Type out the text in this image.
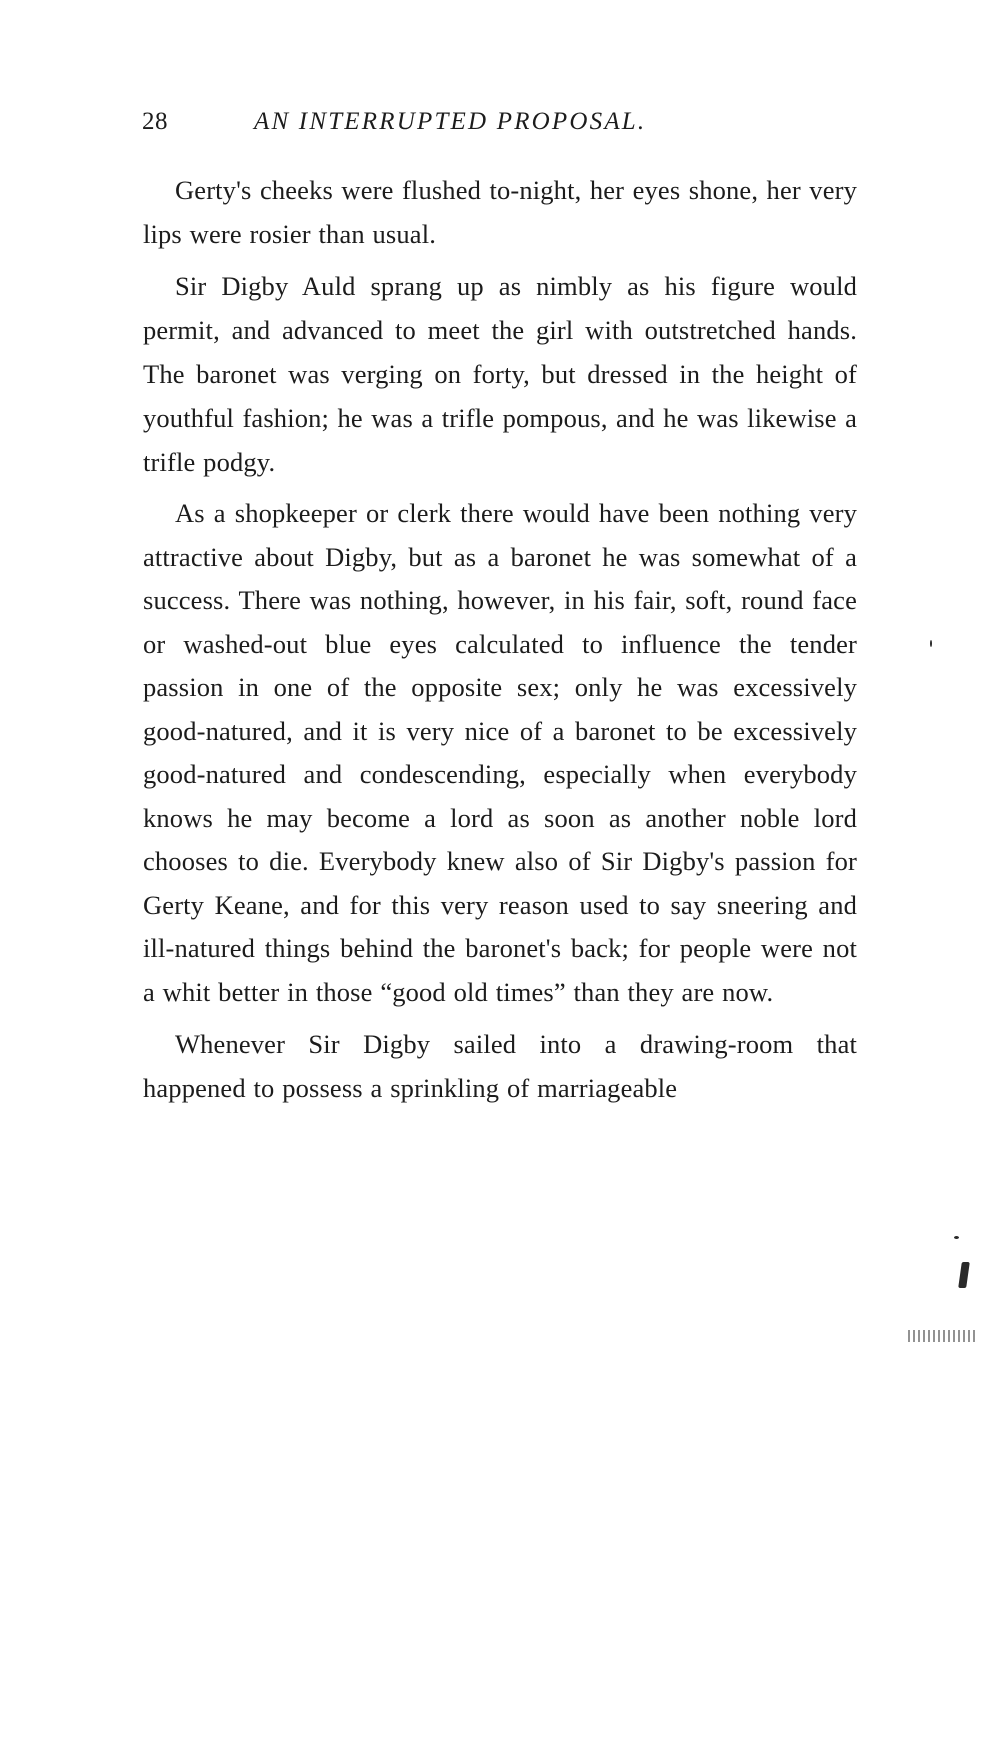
28	AN INTERRUPTED PROPOSAL.

Gerty's cheeks were flushed to-night, her eyes shone, her very lips were rosier than usual.

Sir Digby Auld sprang up as nimbly as his figure would permit, and advanced to meet the girl with outstretched hands. The baronet was verging on forty, but dressed in the height of youthful fashion; he was a trifle pompous, and he was likewise a trifle podgy.

As a shopkeeper or clerk there would have been nothing very attractive about Digby, but as a baronet he was somewhat of a success. There was nothing, however, in his fair, soft, round face or washed-out blue eyes calculated to influence the tender passion in one of the opposite sex; only he was excessively good-natured, and it is very nice of a baronet to be excessively good-natured and condescending, especially when everybody knows he may become a lord as soon as another noble lord chooses to die. Everybody knew also of Sir Digby's passion for Gerty Keane, and for this very reason used to say sneering and ill-natured things behind the baronet's back; for people were not a whit better in those “good old times” than they are now.

Whenever Sir Digby sailed into a drawing-room that happened to possess a sprinkling of marriageable
